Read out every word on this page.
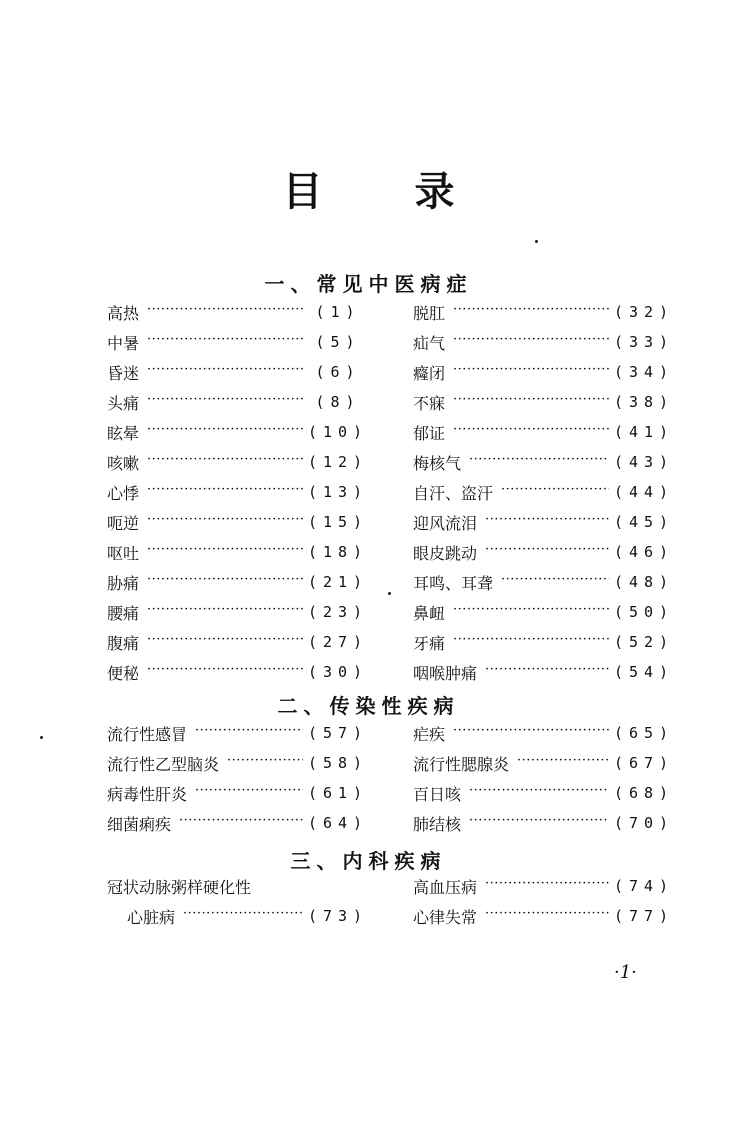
目 录
一、常见中医病症
高热 ·····	(1)	脱肛 ·····	(32)
中暑 ·····	(5)	疝气 ·····	(33)
昏迷 ·····	(6)	癃闭 ·····	(34)
头痛 ·····	(8)	不寐 ·····	(38)
眩晕 ·····	(10)	郁证 ·····	(41)
咳嗽 ·····	(12)	梅核气 ·····	(43)
心悸 ·····	(13)	自汗、盗汗 ·····	(44)
呃逆 ·····	(15)	迎风流泪 ·····	(45)
呕吐 ·····	(18)	眼皮跳动 ·····	(46)
胁痛 ·····	(21)	耳鸣、耳聋 ·····	(48)
腰痛 ·····	(23)	鼻衄 ·····	(50)
腹痛 ·····	(27)	牙痛 ·····	(52)
便秘 ·····	(30)	咽喉肿痛 ·····	(54)
二、传染性疾病
流行性感冒 ·····	(57)	疟疾 ·····	(65)
流行性乙型脑炎 ·····	(58)	流行性腮腺炎 ·····	(67)
病毒性肝炎 ·····	(61)	百日咳 ·····	(68)
细菌痢疾 ·····	(64)	肺结核 ·····	(70)
三、内科疾病
冠状动脉粥样硬化性	高血压病 ·····	(74)
心脏病 ·····	(73)	心律失常 ·····	(77)
·1·
